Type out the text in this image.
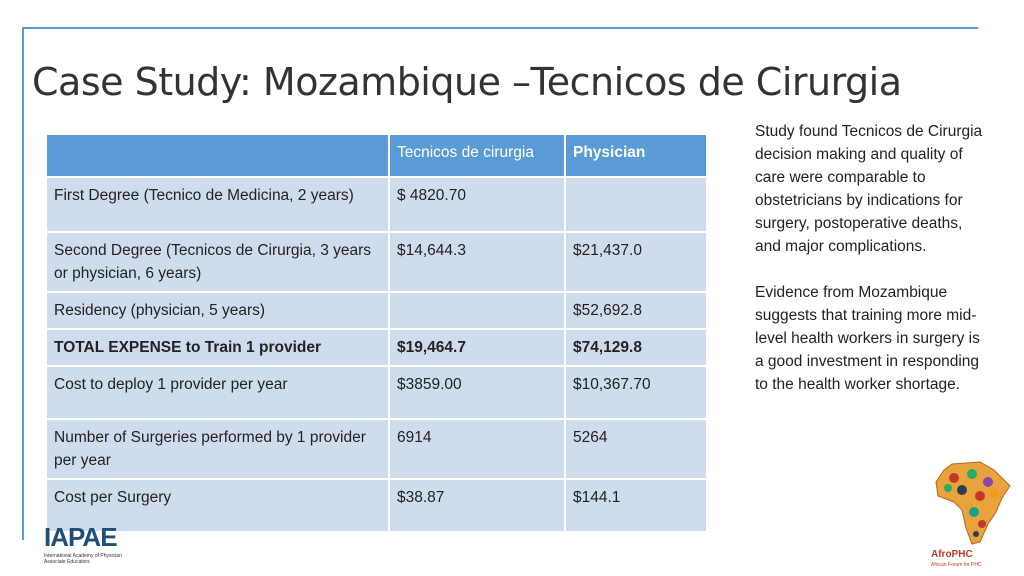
Case Study: Mozambique –Tecnicos de Cirurgia
	Tecnicos de cirurgia	Physician
First Degree (Tecnico de Medicina, 2 years)	$ 4820.70	
Second Degree (Tecnicos de Cirurgia, 3 years or physician, 6 years)	$14,644.3	$21,437.0
Residency (physician, 5 years)		$52,692.8
TOTAL EXPENSE to Train 1 provider	$19,464.7	$74,129.8
Cost to deploy 1 provider per year	$3859.00	$10,367.70
Number of Surgeries performed by 1 provider per year	6914	5264
Cost per Surgery	$38.87	$144.1

Study found Tecnicos de Cirurgia decision making and quality of care were comparable to obstetricians by indications for surgery, postoperative deaths, and major complications.

Evidence from Mozambique suggests that training more mid-level health workers in surgery is a good investment in responding to the health worker shortage.

IAPAE
International Academy of Physician Associate Educators
AfroPHC
African Forum for PHC
